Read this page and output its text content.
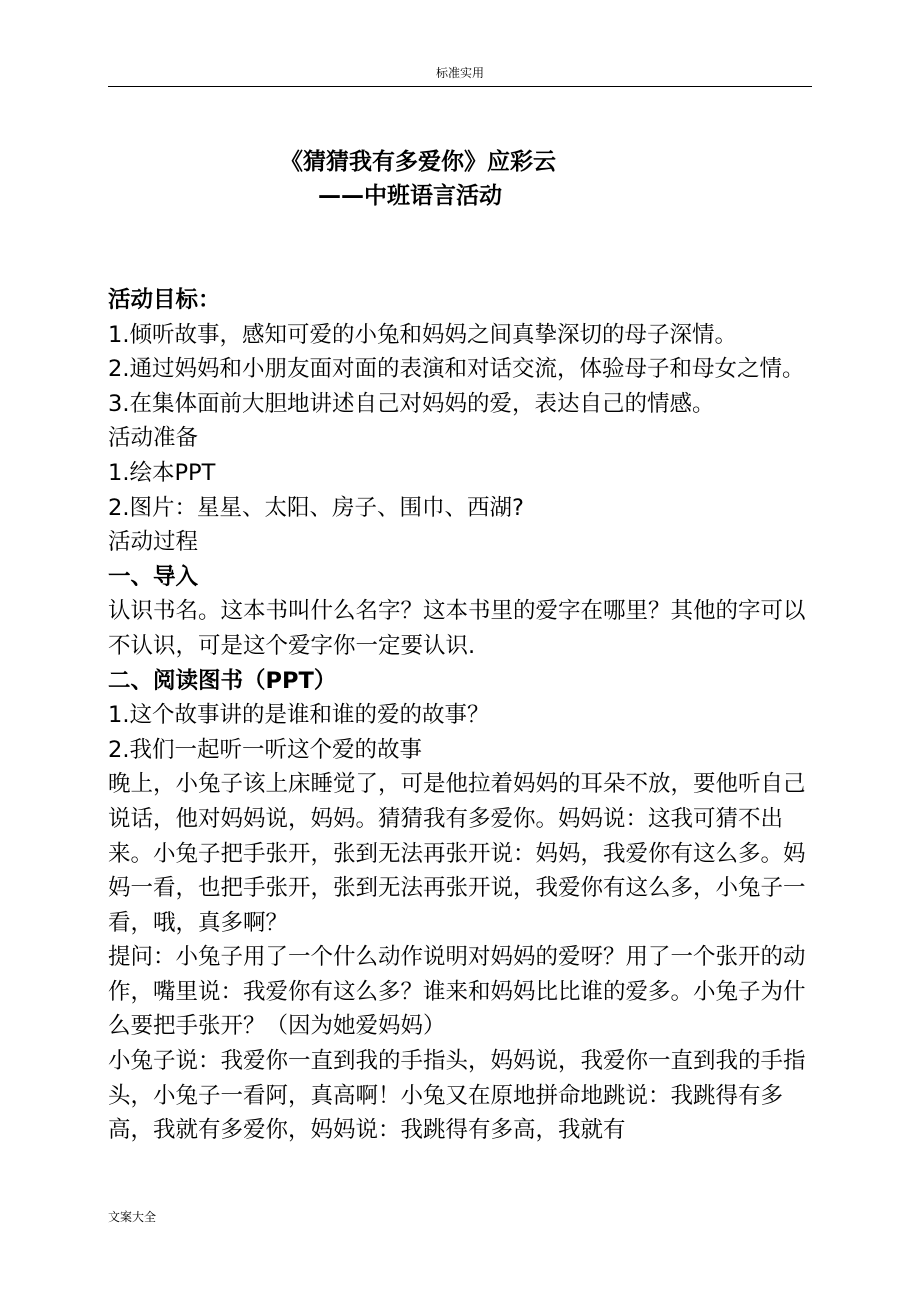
标准实用
《猜猜我有多爱你》应彩云
——中班语言活动

活动目标：

1.倾听故事，感知可爱的小兔和妈妈之间真挚深切的母子深情。

2.通过妈妈和小朋友面对面的表演和对话交流，体验母子和母女之情。

3.在集体面前大胆地讲述自己对妈妈的爱，表达自己的情感。

活动准备

1.绘本PPT

2.图片：星星、太阳、房子、围巾、西湖?

活动过程

一、导入

认识书名。这本书叫什么名字？这本书里的爱字在哪里？其他的字可以不认识，可是这个爱字你一定要认识.

二、阅读图书（PPT）

1.这个故事讲的是谁和谁的爱的故事？

2.我们一起听一听这个爱的故事

晚上，小兔子该上床睡觉了，可是他拉着妈妈的耳朵不放，要他听自己说话，他对妈妈说，妈妈。猜猜我有多爱你。妈妈说：这我可猜不出来。小兔子把手张开，张到无法再张开说：妈妈，我爱你有这么多。妈妈一看，也把手张开，张到无法再张开说，我爱你有这么多，小兔子一看，哦，真多啊？

提问：小兔子用了一个什么动作说明对妈妈的爱呀？用了一个张开的动作，嘴里说：我爱你有这么多？谁来和妈妈比比谁的爱多。小兔子为什么要把手张开？（因为她爱妈妈）

小兔子说：我爱你一直到我的手指头，妈妈说，我爱你一直到我的手指头，小兔子一看阿，真高啊！小兔又在原地拼命地跳说：我跳得有多高，我就有多爱你，妈妈说：我跳得有多高，我就有

文案大全
